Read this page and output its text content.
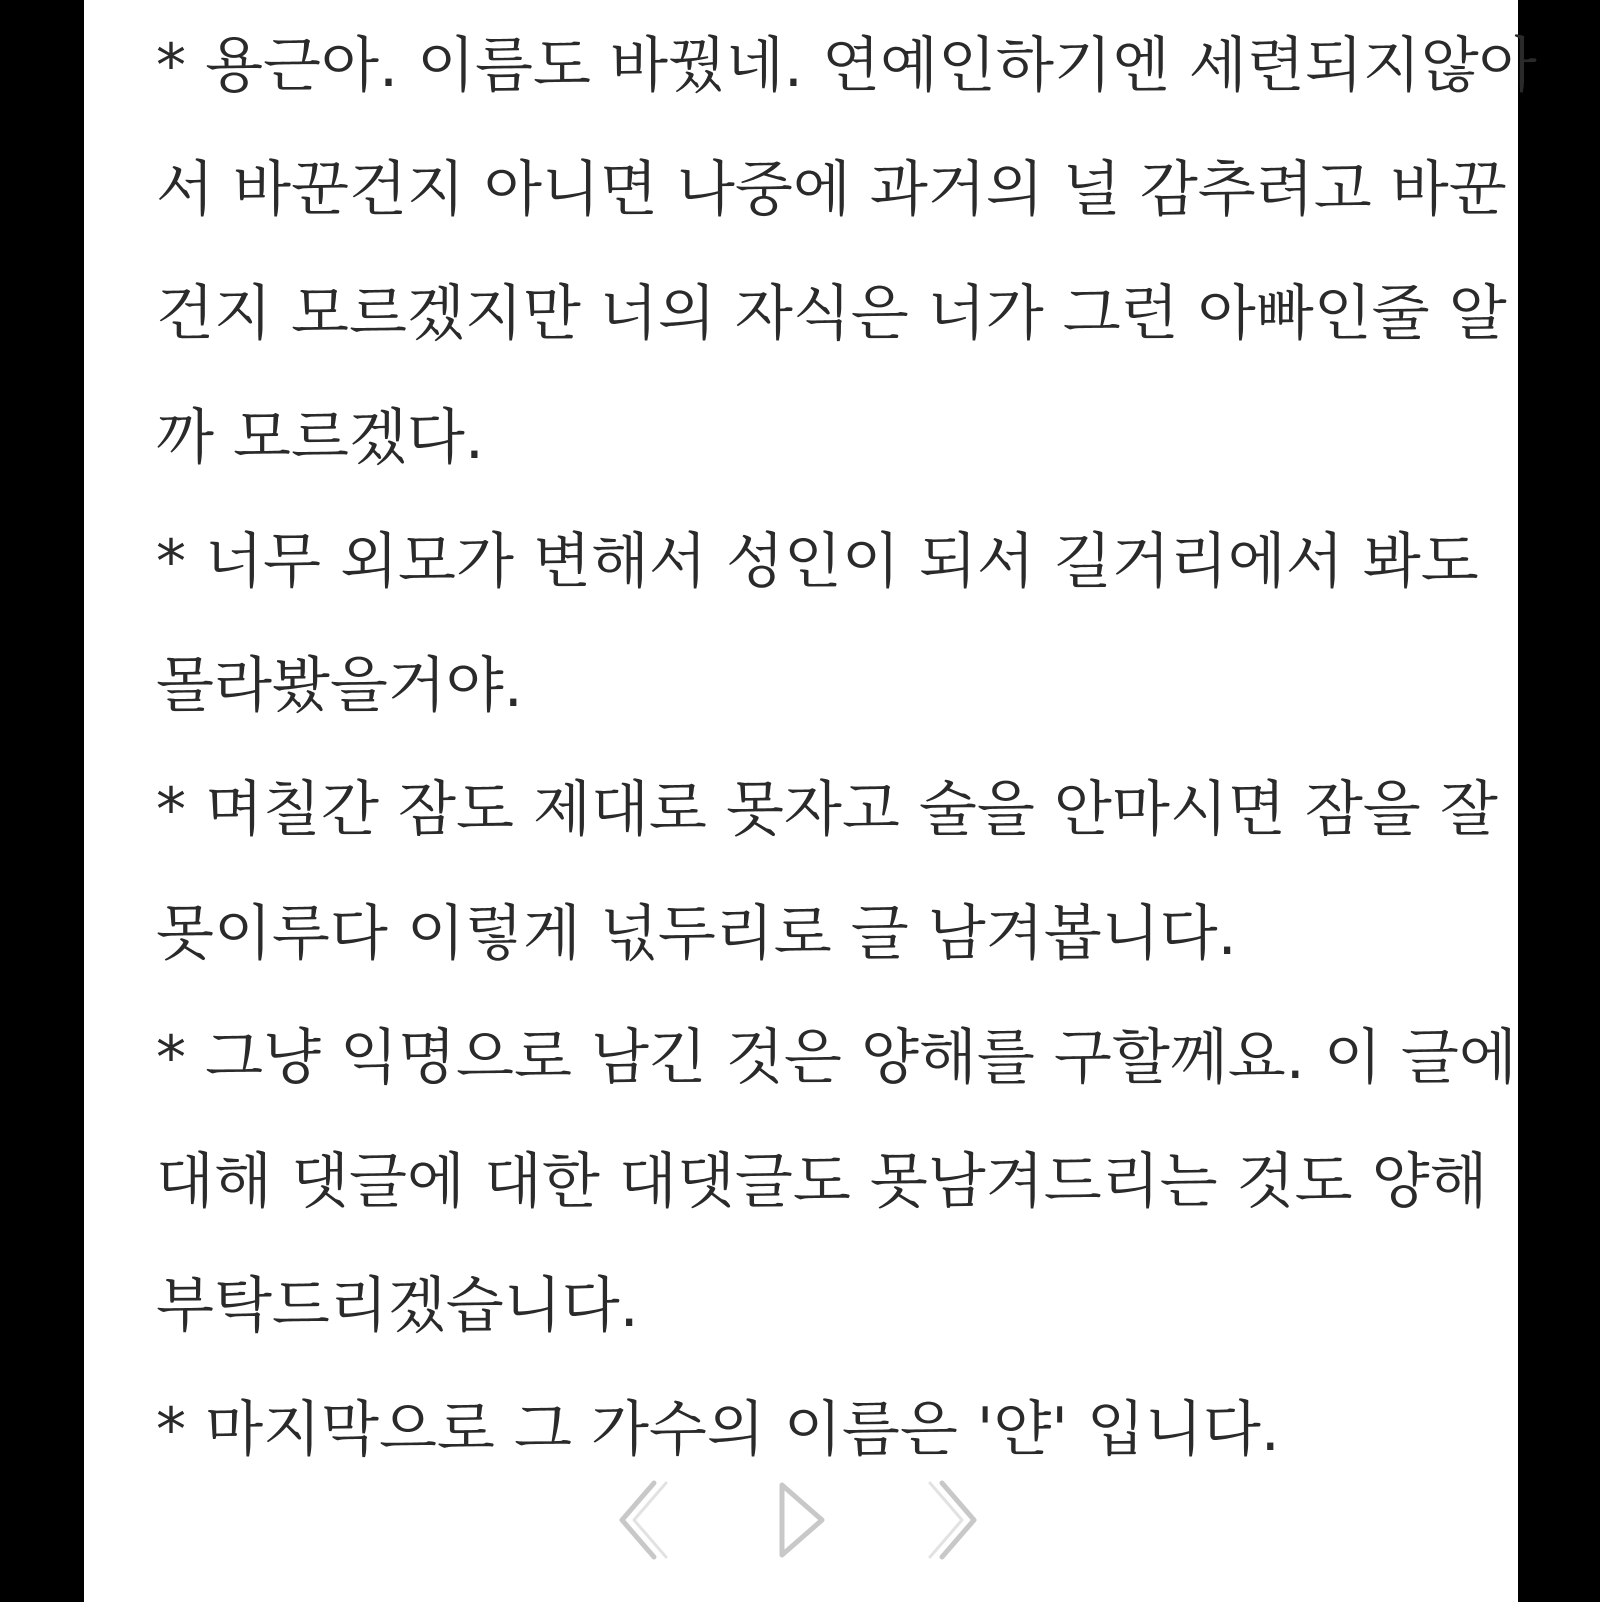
* 용근아. 이름도 바꿨네. 연예인하기엔 세련되지않아
서 바꾼건지 아니면 나중에 과거의 널 감추려고 바꾼
건지 모르겠지만 너의 자식은 너가 그런 아빠인줄 알
까 모르겠다.
* 너무 외모가 변해서 성인이 되서 길거리에서 봐도
몰라봤을거야.
* 며칠간 잠도 제대로 못자고 술을 안마시면 잠을 잘
못이루다 이렇게 넋두리로 글 남겨봅니다.
* 그냥 익명으로 남긴 것은 양해를 구할께요. 이 글에
대해 댓글에 대한 대댓글도 못남겨드리는 것도 양해
부탁드리겠습니다.
* 마지막으로 그 가수의 이름은 '얀' 입니다.
